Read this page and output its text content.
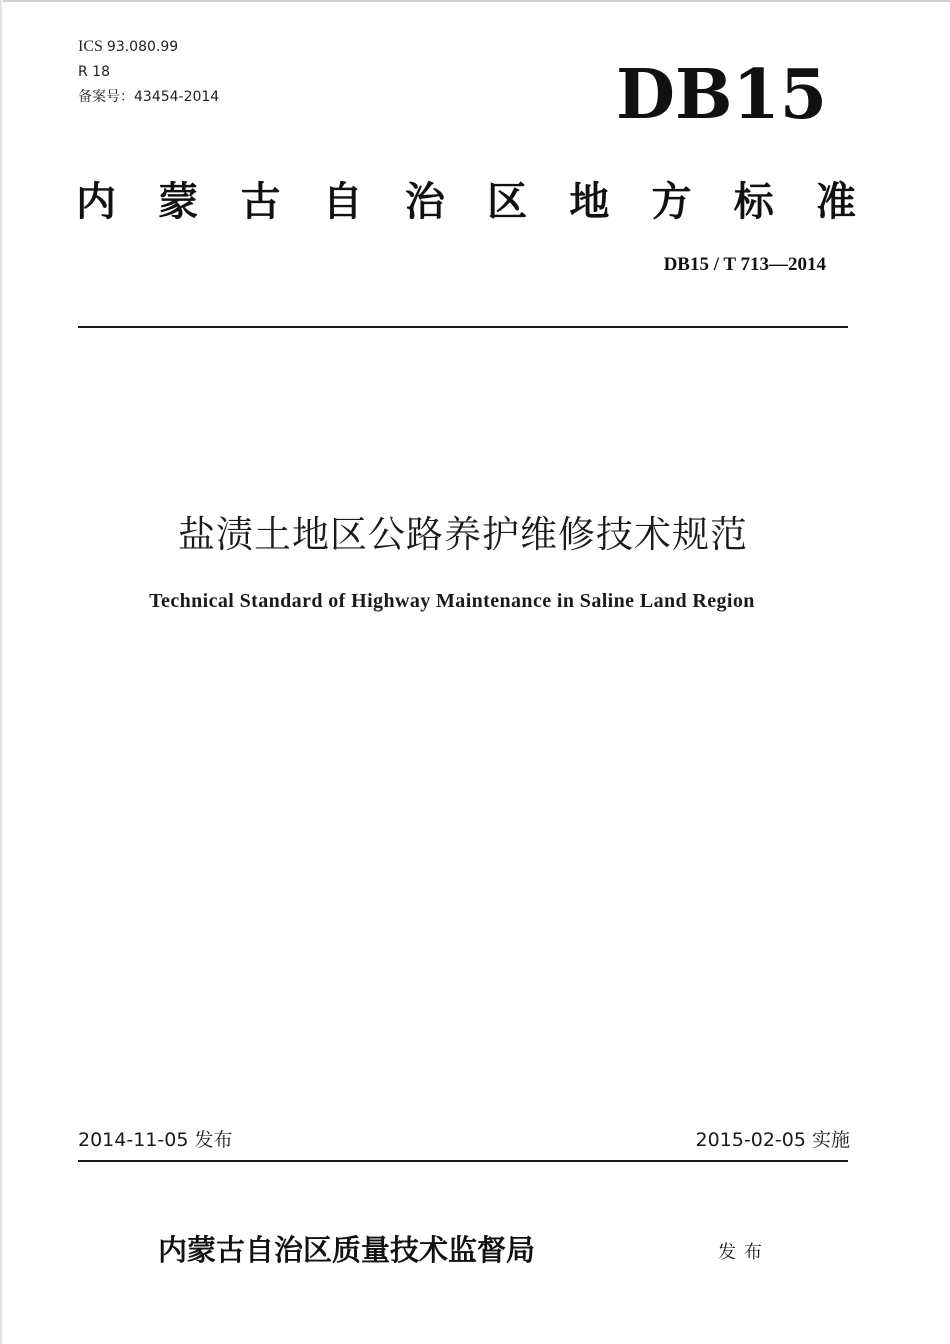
ICS 93.080.99
R 18
备案号：43454-2014	DB15
内 蒙 古 自 治 区 地 方 标 准
DB15 / T 713—2014
盐渍土地区公路养护维修技术规范
Technical Standard of Highway Maintenance in Saline Land Region
2014-11-05 发布	2015-02-05 实施
内蒙古自治区质量技术监督局	发布
